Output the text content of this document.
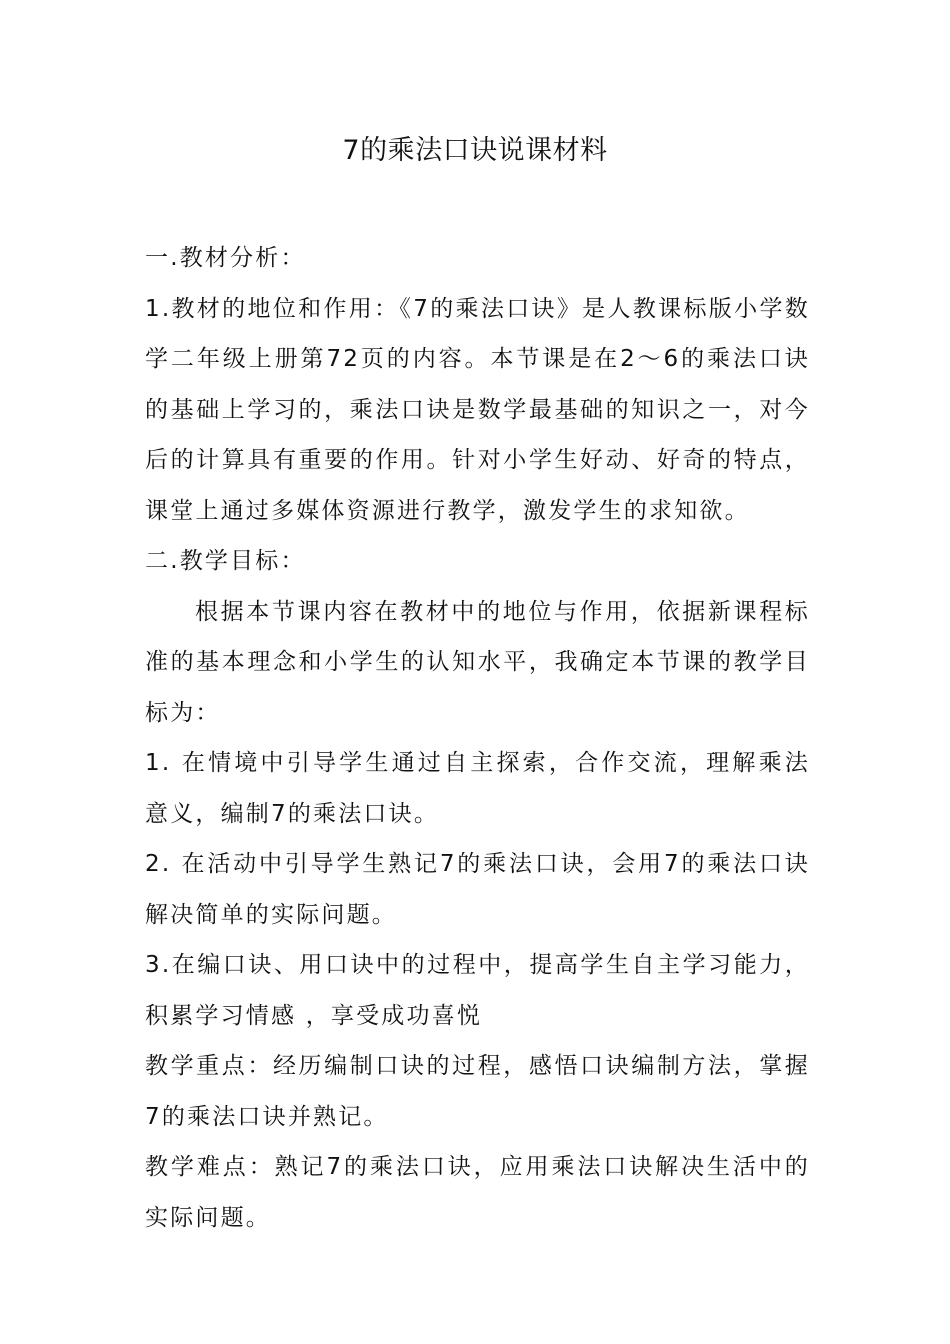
7的乘法口诀说课材料

一.教材分析：

1.教材的地位和作用：《7的乘法口诀》是人教课标版小学数学二年级上册第72页的内容。本节课是在2～6的乘法口诀的基础上学习的，乘法口诀是数学最基础的知识之一，对今后的计算具有重要的作用。针对小学生好动、好奇的特点，课堂上通过多媒体资源进行教学，激发学生的求知欲。

二.教学目标：

根据本节课内容在教材中的地位与作用，依据新课程标准的基本理念和小学生的认知水平，我确定本节课的教学目标为：

1. 在情境中引导学生通过自主探索，合作交流，理解乘法意义，编制7的乘法口诀。

2. 在活动中引导学生熟记7的乘法口诀，会用7的乘法口诀解决简单的实际问题。

3.在编口诀、用口诀中的过程中，提高学生自主学习能力，积累学习情感 ，享受成功喜悦

教学重点：经历编制口诀的过程，感悟口诀编制方法，掌握7的乘法口诀并熟记。

教学难点：熟记7的乘法口诀，应用乘法口诀解决生活中的实际问题。
